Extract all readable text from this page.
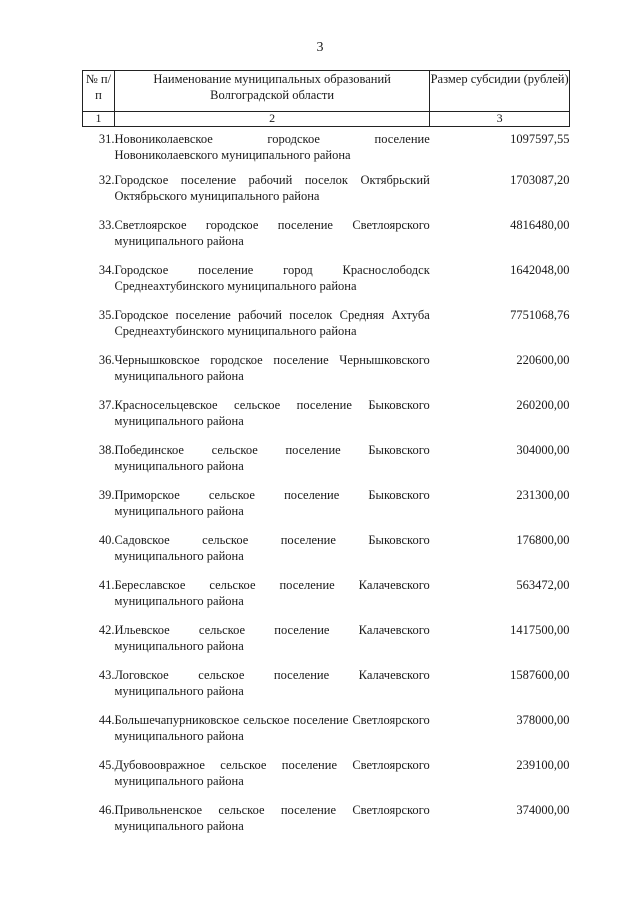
3
№ п/п	Наименование муниципальных образований Волгоградской области	Размер субсидии (рублей)
1	2	3
31.	Новониколаевское городское поселение Новониколаевского муниципального района	1097597,55
32.	Городское поселение рабочий поселок Октябрьский Октябрьского муниципального района	1703087,20
33.	Светлоярское городское поселение Светлоярского муниципального района	4816480,00
34.	Городское поселение город Краснослободск Среднеахтубинского муниципального района	1642048,00
35.	Городское поселение рабочий поселок Средняя Ахтуба Среднеахтубинского муниципального района	7751068,76
36.	Чернышковское городское поселение Чернышковского муниципального района	220600,00
37.	Красносельцевское сельское поселение Быковского муниципального района	260200,00
38.	Побединское сельское поселение Быковского муниципального района	304000,00
39.	Приморское сельское поселение Быковского муниципального района	231300,00
40.	Садовское сельское поселение Быковского муниципального района	176800,00
41.	Береславское сельское поселение Калачевского муниципального района	563472,00
42.	Ильевское сельское поселение Калачевского муниципального района	1417500,00
43.	Логовское сельское поселение Калачевского муниципального района	1587600,00
44.	Большечапурниковское сельское поселение Светлоярского муниципального района	378000,00
45.	Дубовоовражное сельское поселение Светлоярского муниципального района	239100,00
46.	Привольненское сельское поселение Светлоярского муниципального района	374000,00
